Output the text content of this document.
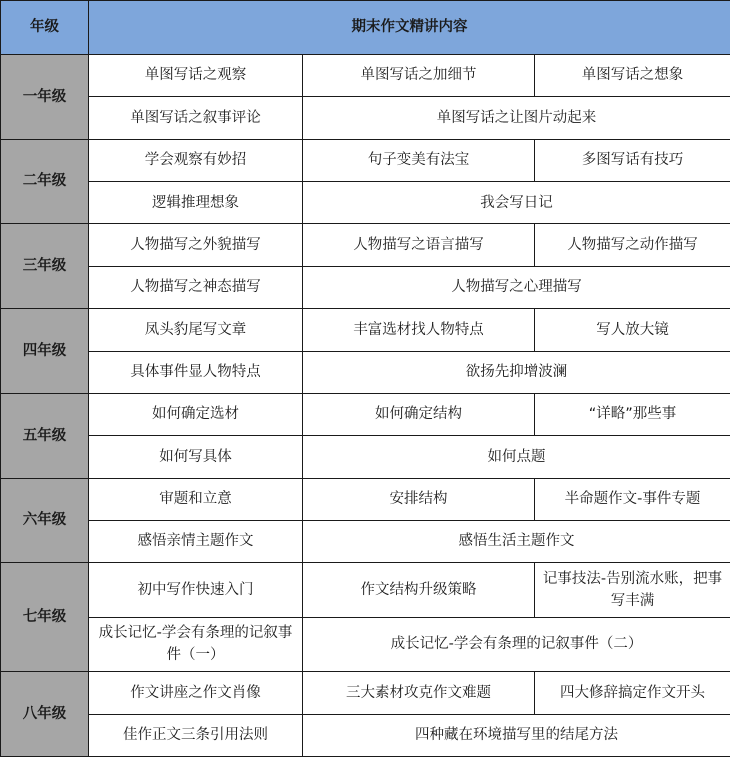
年级	期末作文精讲内容		
一年级	单图写话之观察	单图写话之加细节	单图写话之想象
	单图写话之叙事评论	单图写话之让图片动起来	
二年级	学会观察有妙招	句子变美有法宝	多图写话有技巧
	逻辑推理想象	我会写日记	
三年级	人物描写之外貌描写	人物描写之语言描写	人物描写之动作描写
	人物描写之神态描写	人物描写之心理描写	
四年级	凤头豹尾写文章	丰富选材找人物特点	写人放大镜
	具体事件显人物特点	欲扬先抑增波澜	
五年级	如何确定选材	如何确定结构	“详略”那些事
	如何写具体	如何点题	
六年级	审题和立意	安排结构	半命题作文-事件专题
	感悟亲情主题作文	感悟生活主题作文	
七年级	初中写作快速入门	作文结构升级策略	记事技法-告别流水账，把事写丰满
	成长记忆-学会有条理的记叙事件（一）	成长记忆-学会有条理的记叙事件（二）	
八年级	作文讲座之作文肖像	三大素材攻克作文难题	四大修辞搞定作文开头
	佳作正文三条引用法则	四种藏在环境描写里的结尾方法	
